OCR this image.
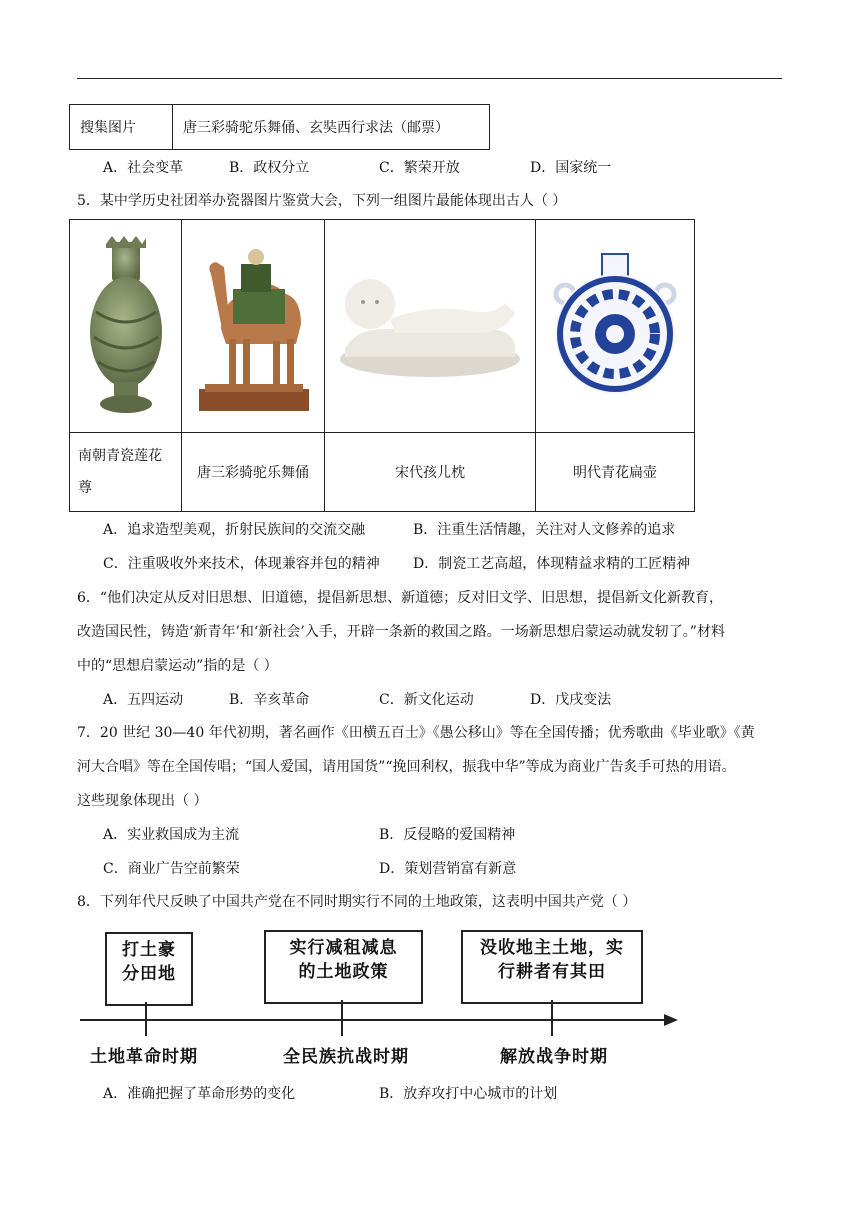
搜集图片	唐三彩骑驼乐舞俑、玄奘西行求法（邮票）
A．社会变革	B．政权分立	C．繁荣开放	D．国家统一
5．某中学历史社团举办瓷器图片鉴赏大会，下列一组图片最能体现出古人（ ）

南朝青瓷莲花
尊	唐三彩骑驼乐舞俑	宋代孩儿枕	明代青花扁壶
A．追求造型美观，折射民族间的交流交融	B．注重生活情趣，关注对人文修养的追求
C．注重吸收外来技术，体现兼容并包的精神 D．制瓷工艺高超，体现精益求精的工匠精神
6．“他们决定从反对旧思想、旧道德，提倡新思想、新道德；反对旧文学、旧思想，提倡新文化新教育，
改造国民性，铸造‘新青年’和‘新社会’入手，开辟一条新的救国之路。一场新思想启蒙运动就发轫了。”材料
中的“思想启蒙运动”指的是（ ）
A．五四运动	B．辛亥革命	C．新文化运动	D．戊戌变法
7．20 世纪 30—40 年代初期，著名画作《田横五百士》《愚公移山》等在全国传播；优秀歌曲《毕业歌》《黄
河大合唱》等在全国传唱；“国人爱国，请用国货”“挽回利权，振我中华”等成为商业广告炙手可热的用语。
这些现象体现出（ ）
A．实业救国成为主流	B．反侵略的爱国精神
C．商业广告空前繁荣	D．策划营销富有新意
8．下列年代尺反映了中国共产党在不同时期实行不同的土地政策，这表明中国共产党（ ）
打土豪
分田地
实行减租减息
的土地政策
没收地主土地，实
行耕者有其田
土地革命时期	全民族抗战时期	解放战争时期
A．准确把握了革命形势的变化	B．放弃攻打中心城市的计划
